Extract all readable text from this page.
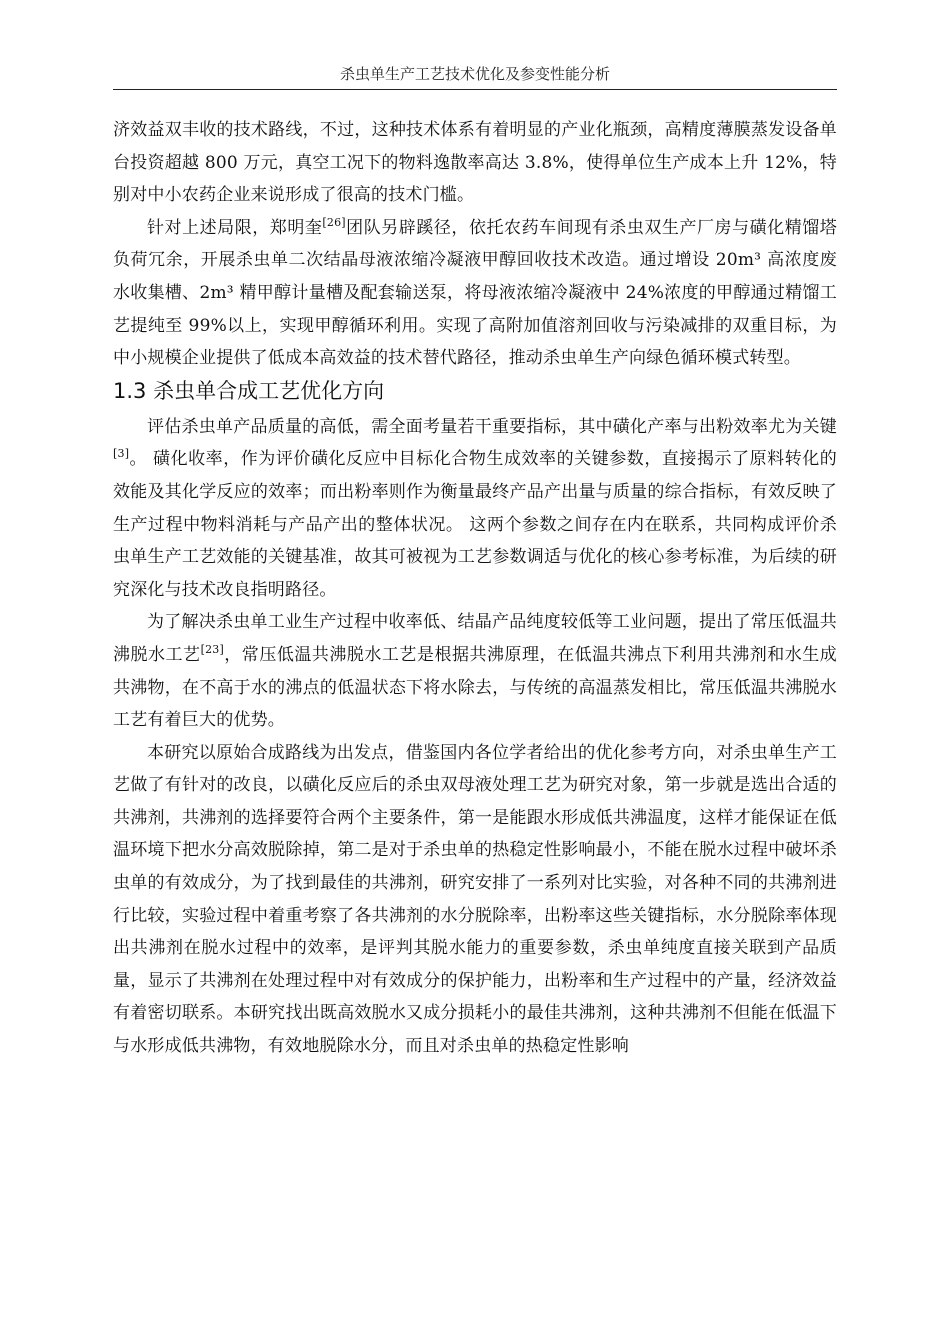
杀虫单生产工艺技术优化及参变性能分析

济效益双丰收的技术路线，不过，这种技术体系有着明显的产业化瓶颈，高精度薄膜蒸发设备单台投资超越 800 万元，真空工况下的物料逸散率高达 3.8%，使得单位生产成本上升 12%，特别对中小农药企业来说形成了很高的技术门槛。

针对上述局限，郑明奎[26]团队另辟蹊径，依托农药车间现有杀虫双生产厂房与磺化精馏塔负荷冗余，开展杀虫单二次结晶母液浓缩冷凝液甲醇回收技术改造。通过增设 20m³ 高浓度废水收集槽、2m³ 精甲醇计量槽及配套输送泵，将母液浓缩冷凝液中 24%浓度的甲醇通过精馏工艺提纯至 99%以上，实现甲醇循环利用。实现了高附加值溶剂回收与污染减排的双重目标，为中小规模企业提供了低成本高效益的技术替代路径，推动杀虫单生产向绿色循环模式转型。

1.3 杀虫单合成工艺优化方向

评估杀虫单产品质量的高低，需全面考量若干重要指标，其中磺化产率与出粉效率尤为关键[3]。 磺化收率，作为评价磺化反应中目标化合物生成效率的关键参数，直接揭示了原料转化的效能及其化学反应的效率；而出粉率则作为衡量最终产品产出量与质量的综合指标，有效反映了生产过程中物料消耗与产品产出的整体状况。 这两个参数之间存在内在联系，共同构成评价杀虫单生产工艺效能的关键基准，故其可被视为工艺参数调适与优化的核心参考标准，为后续的研究深化与技术改良指明路径。

为了解决杀虫单工业生产过程中收率低、结晶产品纯度较低等工业问题，提出了常压低温共沸脱水工艺[23]，常压低温共沸脱水工艺是根据共沸原理，在低温共沸点下利用共沸剂和水生成共沸物，在不高于水的沸点的低温状态下将水除去，与传统的高温蒸发相比，常压低温共沸脱水工艺有着巨大的优势。

本研究以原始合成路线为出发点，借鉴国内各位学者给出的优化参考方向，对杀虫单生产工艺做了有针对的改良，以磺化反应后的杀虫双母液处理工艺为研究对象，第一步就是选出合适的共沸剂，共沸剂的选择要符合两个主要条件，第一是能跟水形成低共沸温度，这样才能保证在低温环境下把水分高效脱除掉，第二是对于杀虫单的热稳定性影响最小，不能在脱水过程中破坏杀虫单的有效成分，为了找到最佳的共沸剂，研究安排了一系列对比实验，对各种不同的共沸剂进行比较，实验过程中着重考察了各共沸剂的水分脱除率，出粉率这些关键指标，水分脱除率体现出共沸剂在脱水过程中的效率，是评判其脱水能力的重要参数，杀虫单纯度直接关联到产品质量，显示了共沸剂在处理过程中对有效成分的保护能力，出粉率和生产过程中的产量，经济效益有着密切联系。本研究找出既高效脱水又成分损耗小的最佳共沸剂，这种共沸剂不但能在低温下与水形成低共沸物，有效地脱除水分，而且对杀虫单的热稳定性影响
